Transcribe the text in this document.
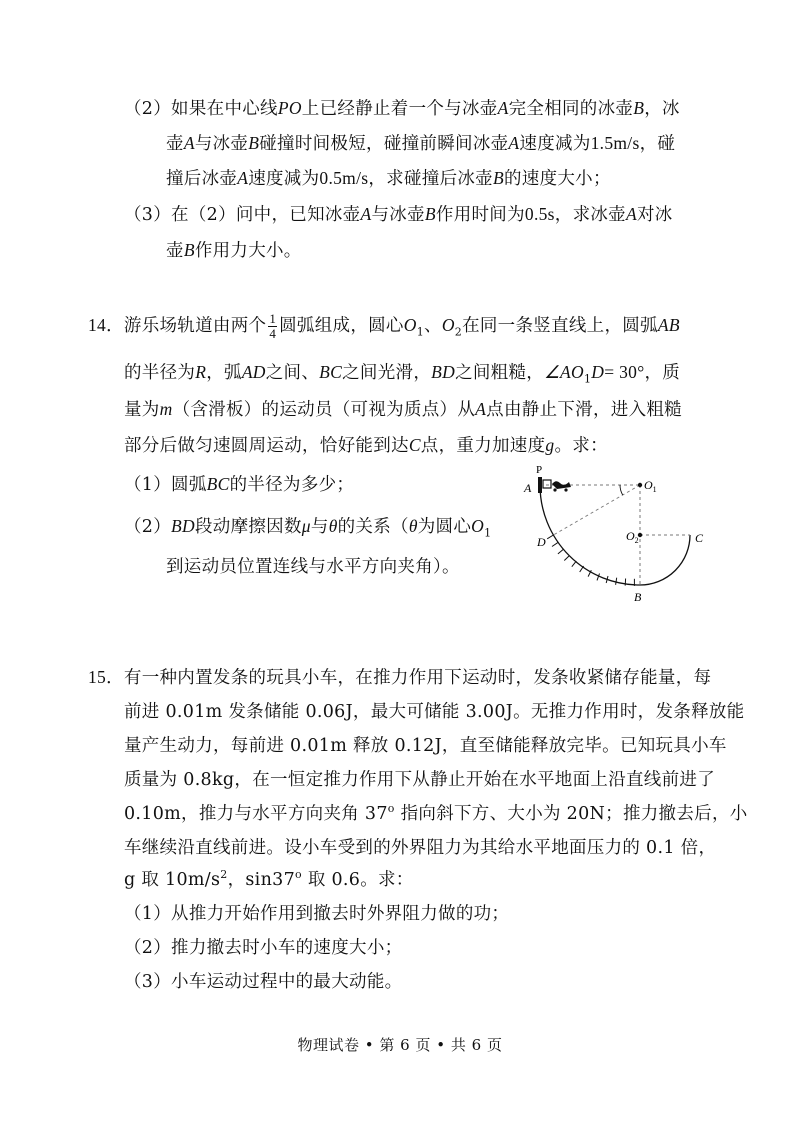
（2）如果在中心线PO上已经静止着一个与冰壶A完全相同的冰壶B，冰
壶A与冰壶B碰撞时间极短，碰撞前瞬间冰壶A速度减为1.5m/s，碰
撞后冰壶A速度减为0.5m/s，求碰撞后冰壶B的速度大小；
（3）在（2）问中，已知冰壶A与冰壶B作用时间为0.5s，求冰壶A对冰
壶B作用力大小。
14．游乐场轨道由两个 $\frac{1}{4}$ 圆弧组成，圆心$O_1$、$O_2$在同一条竖直线上，圆弧AB
的半径为R，弧AD之间、BC之间光滑，BD之间粗糙，$\angle AO_1D= 30^\circ$，质
量为m（含滑板）的运动员（可视为质点）从A点由静止下滑，进入粗糙
部分后做匀速圆周运动，恰好能到达C点，重力加速度g。求：
（1）圆弧BC的半径为多少；
（2）BD段动摩擦因数μ与θ的关系（θ为圆心$O_1$
到运动员位置连线与水平方向夹角）。
P
A	$O_1$
D	$O_2$	C
B
15．有一种内置发条的玩具小车，在推力作用下运动时，发条收紧储存能量，每
前进 0.01m 发条储能 0.06J，最大可储能 3.00J。无推力作用时，发条释放能
量产生动力，每前进 0.01m 释放 0.12J，直至储能释放完毕。已知玩具小车
质量为 0.8kg，在一恒定推力作用下从静止开始在水平地面上沿直线前进了
0.10m，推力与水平方向夹角 37$^o$ 指向斜下方、大小为 20N；推力撤去后，小
车继续沿直线前进。设小车受到的外界阻力为其给水平地面压力的 0.1 倍，
g 取 $10m/s^2$，sin37$^o$ 取 0.6。求：
（1）从推力开始作用到撤去时外界阻力做的功；
（2）推力撤去时小车的速度大小；
（3）小车运动过程中的最大动能。
物理试卷 • 第 6 页 • 共 6 页
